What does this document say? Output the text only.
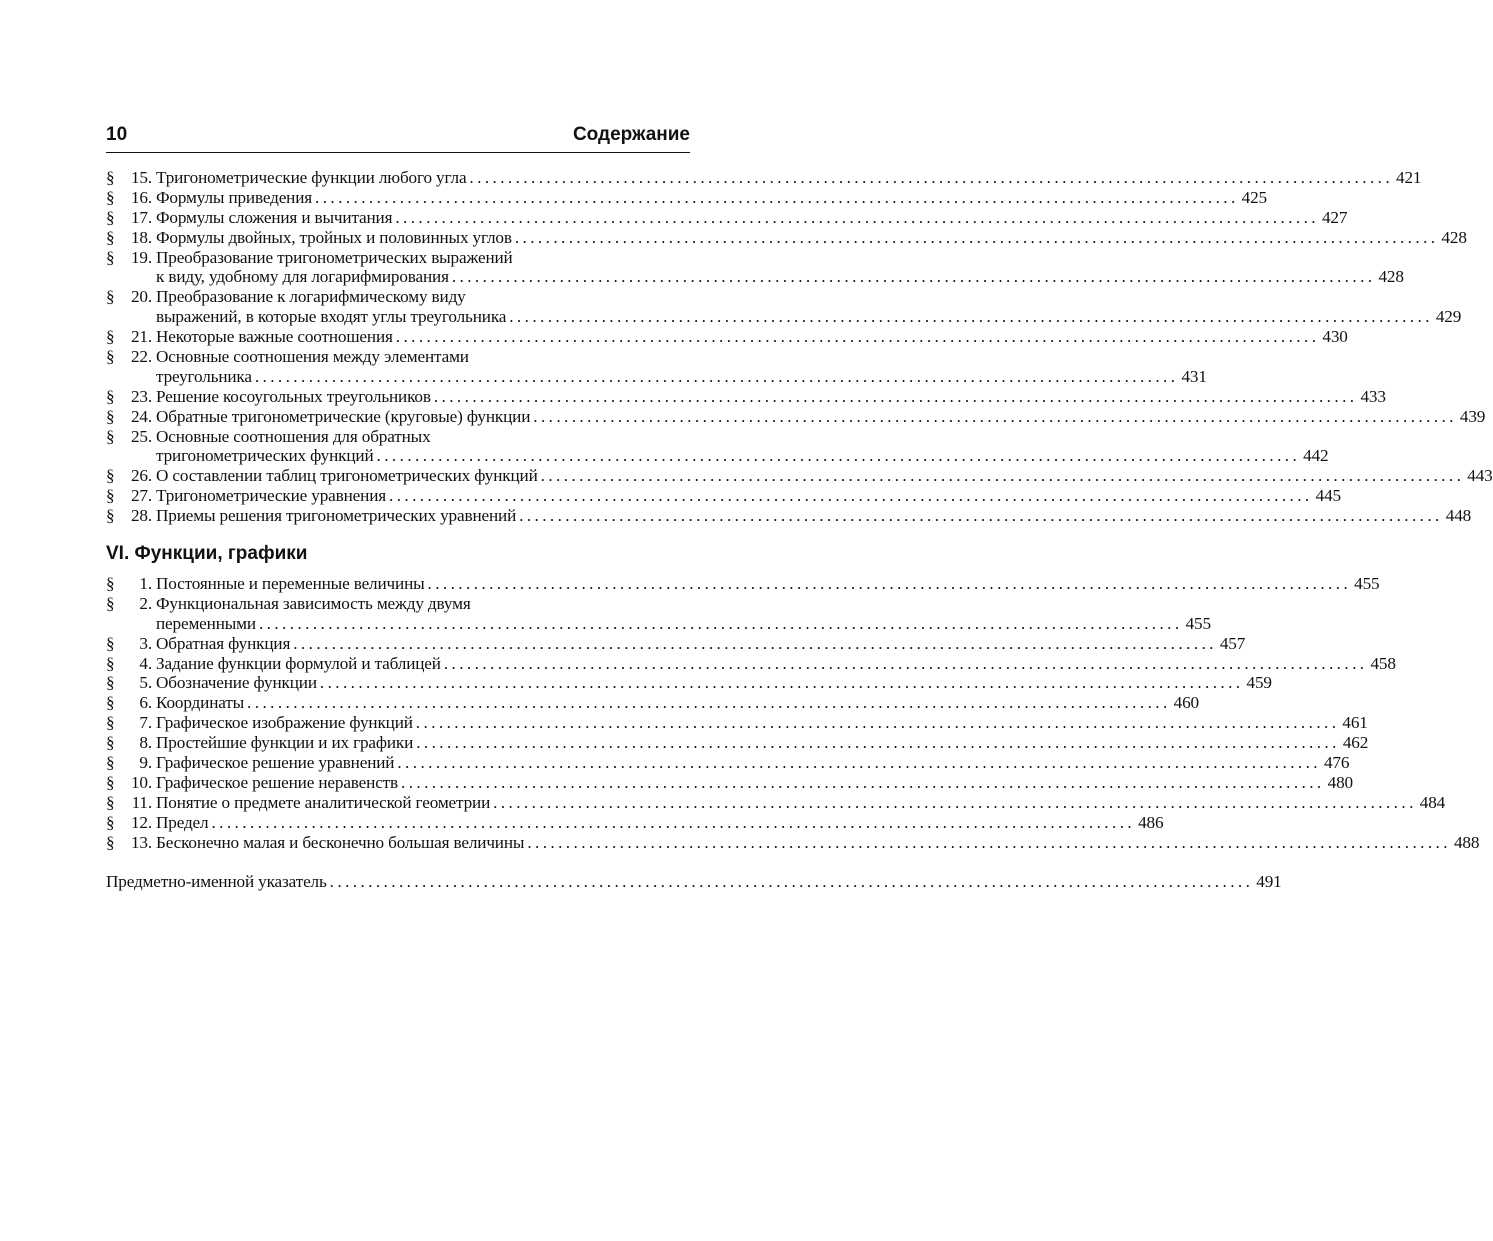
10	Содержание
§ 15. Тригонометрические функции любого угла ........................................................................................................................ 421
§ 16. Формулы приведения ........................................................................................................................ 425
§ 17. Формулы сложения и вычитания ........................................................................................................................ 427
§ 18. Формулы двойных, тройных и половинных углов ........................................................................................................................ 428
§ 19. Преобразование тригонометрических выражений
к виду, удобному для логарифмирования ........................................................................................................................ 428
§ 20. Преобразование к логарифмическому виду
выражений, в которые входят углы треугольника ........................................................................................................................ 429
§ 21. Некоторые важные соотношения ........................................................................................................................ 430
§ 22. Основные соотношения между элементами
треугольника ........................................................................................................................ 431
§ 23. Решение косоугольных треугольников ........................................................................................................................ 433
§ 24. Обратные тригонометрические (круговые) функции ........................................................................................................................ 439
§ 25. Основные соотношения для обратных
тригонометрических функций ........................................................................................................................ 442
§ 26. О составлении таблиц тригонометрических функций ........................................................................................................................ 443
§ 27. Тригонометрические уравнения ........................................................................................................................ 445
§ 28. Приемы решения тригонометрических уравнений ........................................................................................................................ 448
VI. Функции, графики
§	1. Постоянные и переменные величины ........................................................................................................................ 455
§	2. Функциональная зависимость между двумя
переменными ........................................................................................................................ 455
§	3. Обратная функция ........................................................................................................................ 457
§	4. Задание функции формулой и таблицей ........................................................................................................................ 458
§	5. Обозначение функции ........................................................................................................................ 459
§	6. Координаты ........................................................................................................................ 460
§	7. Графическое изображение функций ........................................................................................................................ 461
§	8. Простейшие функции и их графики ........................................................................................................................ 462
§	9. Графическое решение уравнений ........................................................................................................................ 476
§ 10. Графическое решение неравенств ........................................................................................................................ 480
§ 11. Понятие о предмете аналитической геометрии ........................................................................................................................ 484
§ 12. Предел ........................................................................................................................ 486
§ 13. Бесконечно малая и бесконечно большая величины ........................................................................................................................ 488
Предметно-именной указатель ........................................................................................................................ 491
